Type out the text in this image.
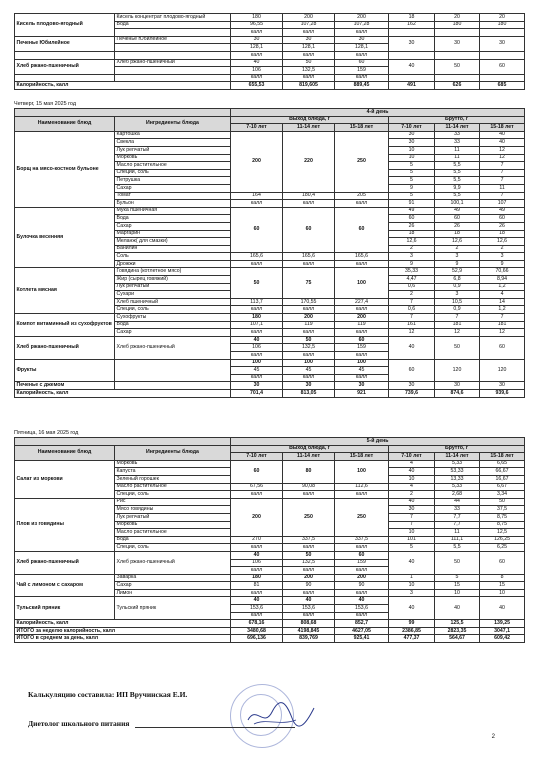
Кисель плодово-ягодный	Кисель концентрат плодово-ягодный	180	200	200	18	20	20
	Вода	96,55	107,28	107,28	162	180	180
		калл	калл	калл			
Печенье Юбилейное	Печенье Юбилейное	30	30	30	30	30	30
		128,1	128,1	128,1			
		калл	калл	калл			
Хлеб ржано-пшеничный	Хлеб ржано-пшеничный	40	50	60	40	50	60
		106	132,5	159			
		калл	калл	калл			
Калорийность, калл		655,53	819,605	889,45	491	626	685
Четверг, 15 мая 2025 год
		4-й день					
Наименование блюд	Ингредиенты блюда	Выход блюда, г			Брутто, г		
		7-10 лет	11-14 лет	15-18 лет	7-10 лет	11-14 лет	15-18 лет
Борщ на мясо-костном бульоне	Картошка	200	220	250	30	33	40
	Свекла				30	33	40
	Лук репчатый				10	11	12
	Морковь				10	11	12
	Масло растительное				5	5,5	7
	Специи, соль				5	5,5	7
	Петрушка				5	5,5	7
	Сахар				9	9,9	11
	Томат	164	180,4	205	5	5,5	7
	Бульон	калл	калл	калл	91	100,1	107
Булочка весенняя	Мука пшеничная	60	60	60	49	49	49
	Вода				60	60	60
	Сахар				26	26	26
	Маргарин				18	18	18
	Меланж( для смазки)				12,6	12,6	12,6
	Ванилин				2	2	2
	Соль	165,6	165,6	165,6	3	3	3
	Дрожжи	калл	калл	калл	9	9	9
Котлета мясная	Говядина (котлетное мясо)	50	75	100	35,33	52,9	70,66
	Жир (сырец говяжий)				4,47	6,8	8,94
	Лук репчатый				0,6	0,9	1,2
	Сухари				2	3	4
	Хлеб пшеничный	113,7	170,55	227,4	7	10,5	14
	Специи, соль	калл	калл	калл	0,6	0,9	1,2
Компот витаминный из сухофруктов	Сухофрукты	180	200	200	7	7	7
	Вода	107,1	119	119	161	181	181
	Сахар	калл	калл	калл	12	12	12
Хлеб ржано-пшеничный	Хлеб ржано-пшеничный	40	50	60	40	50	60
		106	132,5	159			
		калл	калл	калл			
Фрукты		100	100	100	60	120	120
		45	45	45			
		калл	калл	калл			
Печенье с джемом		30	30	30	30	30	30
Калорийность, калл		701,4	813,05	921	739,6	874,6	939,6
Пятница, 16 мая 2025 год
		5-й день					
Наименование блюд	Ингредиенты блюда	Выход блюда, г			Брутто, г		
		7-10 лет	11-14 лет	15-18 лет	7-10 лет	11-14 лет	15-18 лет
Салат из моркови	Морковь	60	80	100	4	5,33	6,65
	Капуста				40	53,33	66,67
	Зеленый горошек				10	13,33	16,67
	Масло растительное	67,56	90,08	112,6	4	5,33	6,67
	Специи, соль	калл	калл	калл	2	2,68	3,34
Плов из говядины	Рис	200	250	250	40	44	50
	Мясо говядины				30	33	37,5
	Лук репчатый				7	7,7	8,75
	Морковь				7	7,7	8,75
	Масло растительное				10	11	12,5
	Вода	270	337,5	337,5	101	111,1	126,25
	Специи, соль	калл	калл	калл	5	5,5	6,25
Хлеб ржано-пшеничный	Хлеб ржано-пшеничный	40	50	60	40	50	60
		106	132,5	159			
		калл	калл	калл			
Чай с лимоном с сахаром	Заварка	180	200	200	1	5	8
	Сахар	81	90	90	10	15	15
	Лимон	калл	калл	калл	3	10	10
Тульский пряник	Тульский пряник	40	40	40	40	40	40
		153,6	153,6	153,6			
		калл	калл	калл			
Калорийность, калл		678,16	808,68	852,7	99	125,5	139,25
ИТОГО за неделю калорийность, калл		3480,68	4198,845	4627,05	2386,85	2823,35	3047,1
ИТОГО в среднем за день, калл		696,136	839,769	925,41	477,37	564,67	609,42
Калькуляцию составила: ИП Вручинская Е.И.
Диетолог школьного питания
2
